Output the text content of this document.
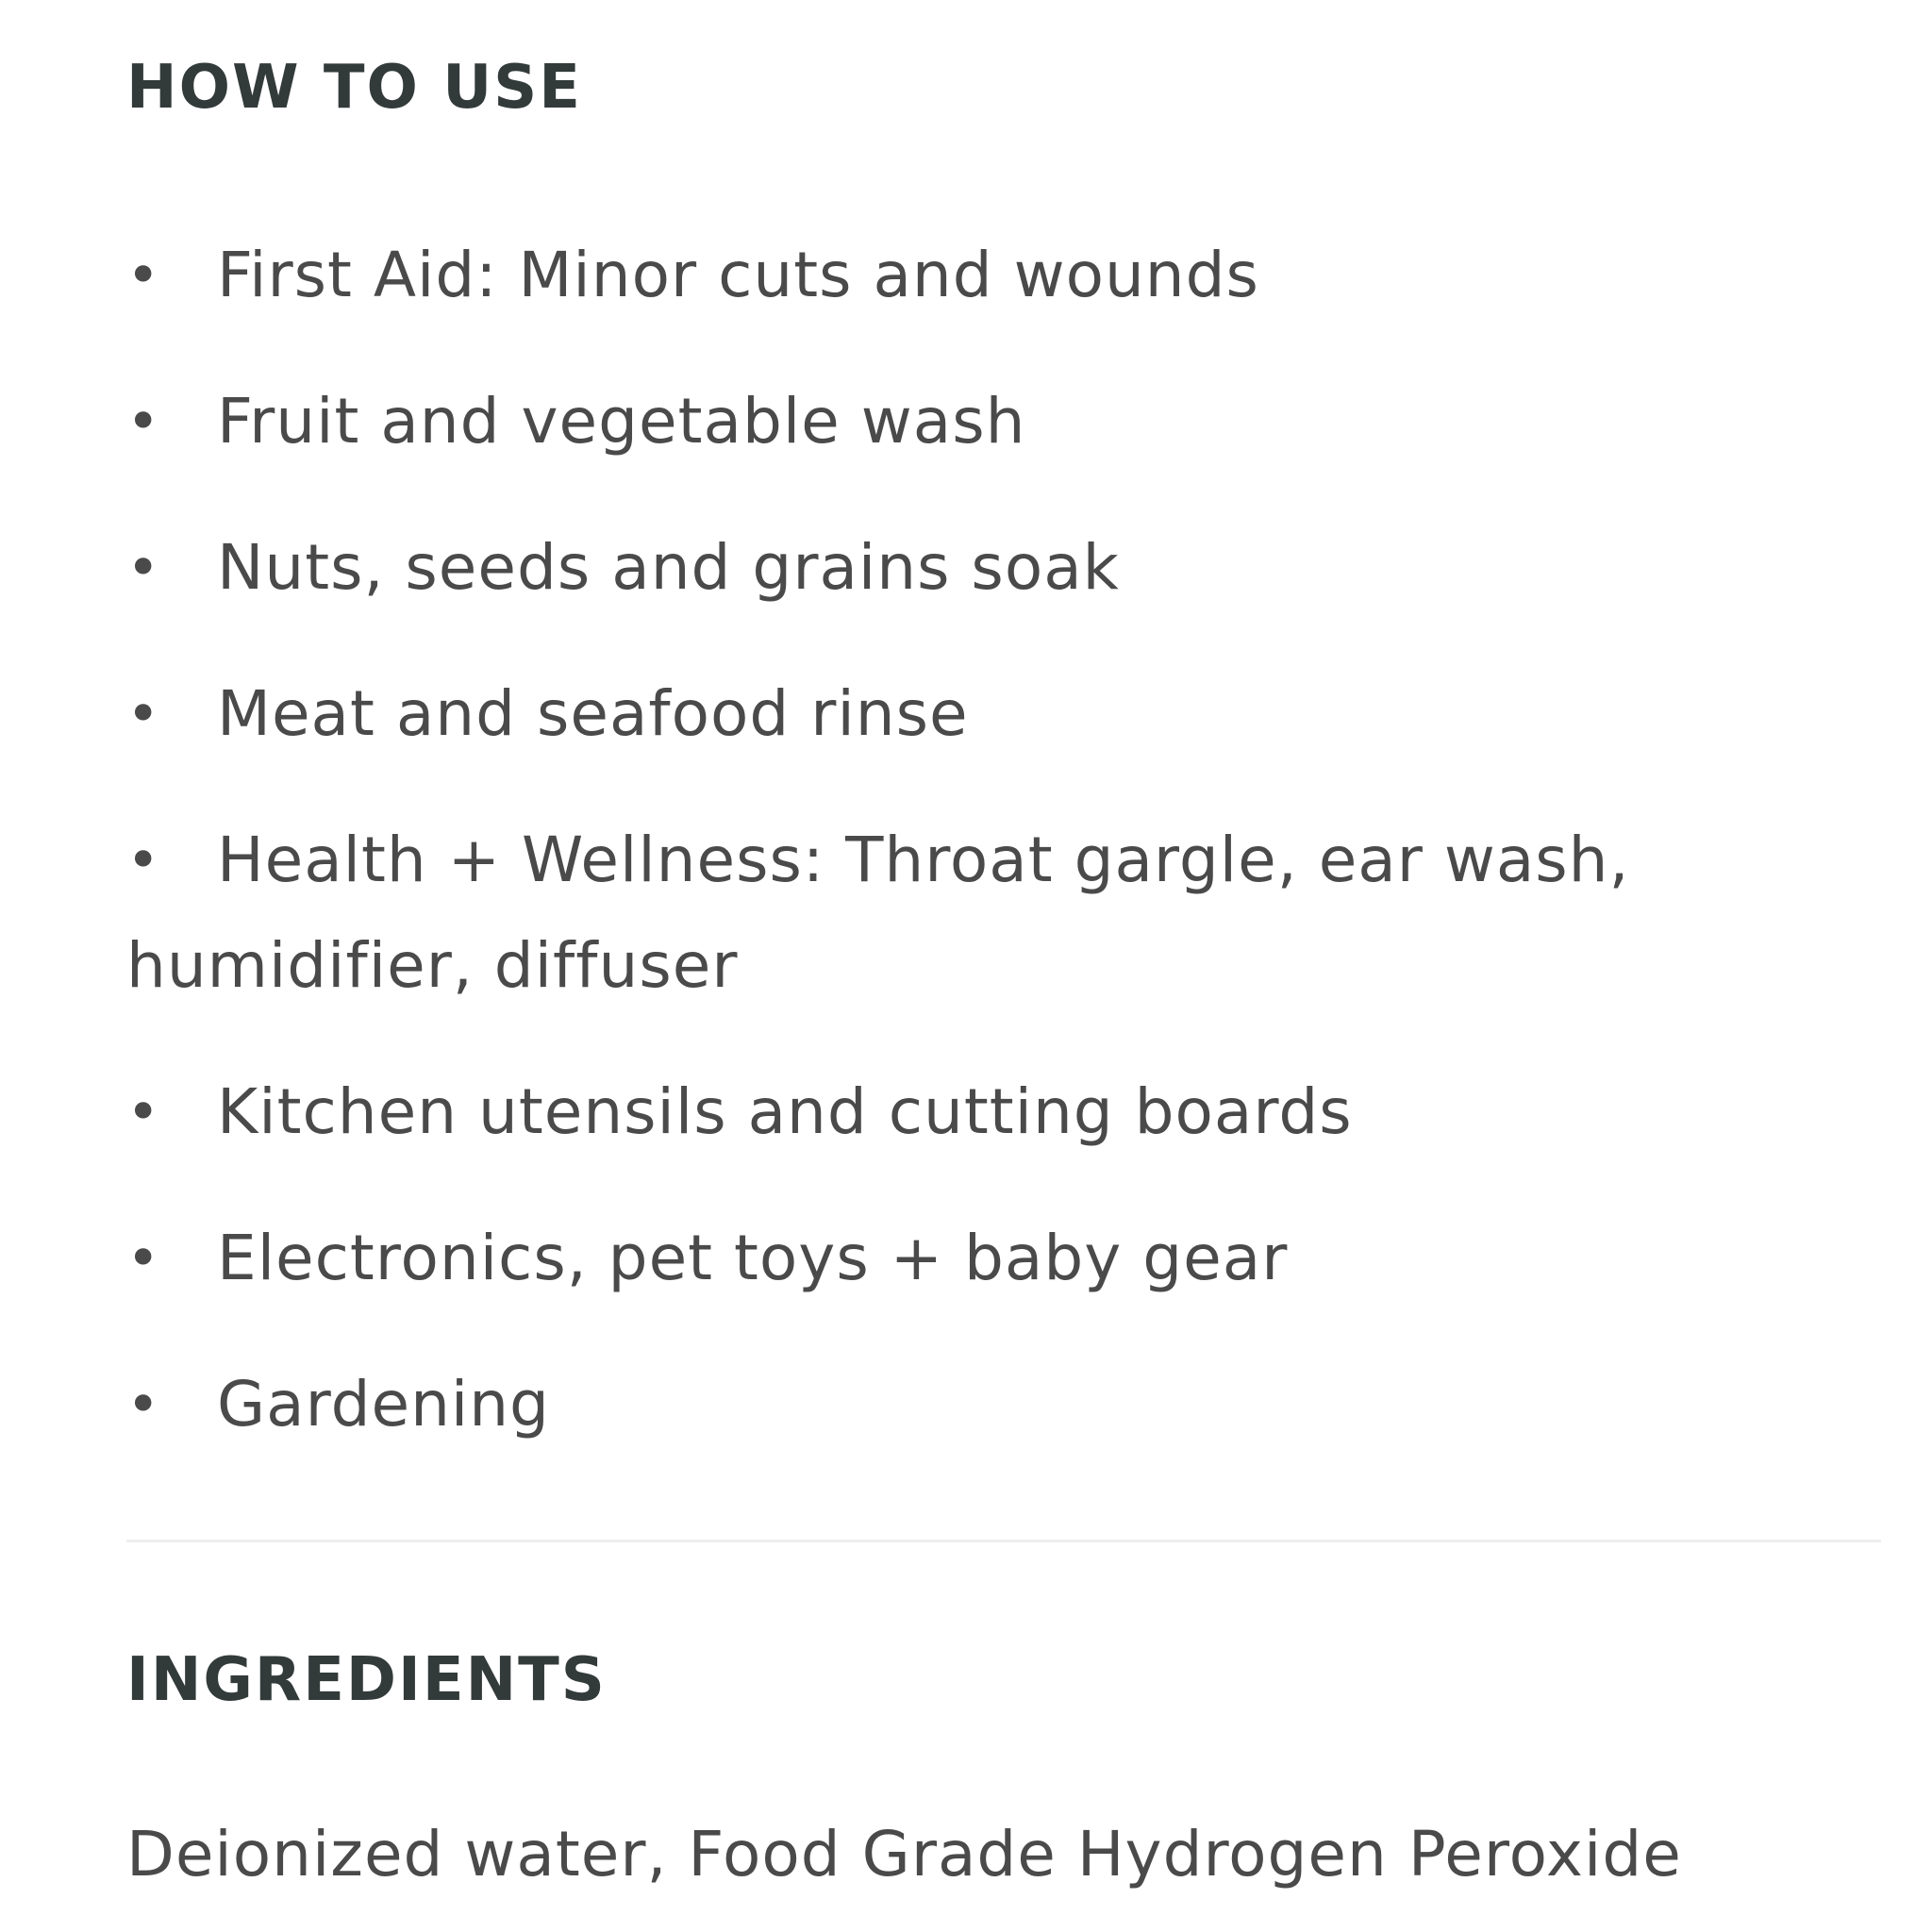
HOW TO USE
• First Aid: Minor cuts and wounds
• Fruit and vegetable wash
• Nuts, seeds and grains soak
• Meat and seafood rinse
• Health + Wellness: Throat gargle, ear wash, humidifier, diffuser
• Kitchen utensils and cutting boards
• Electronics, pet toys + baby gear
• Gardening
INGREDIENTS

Deionized water, Food Grade Hydrogen Peroxide
